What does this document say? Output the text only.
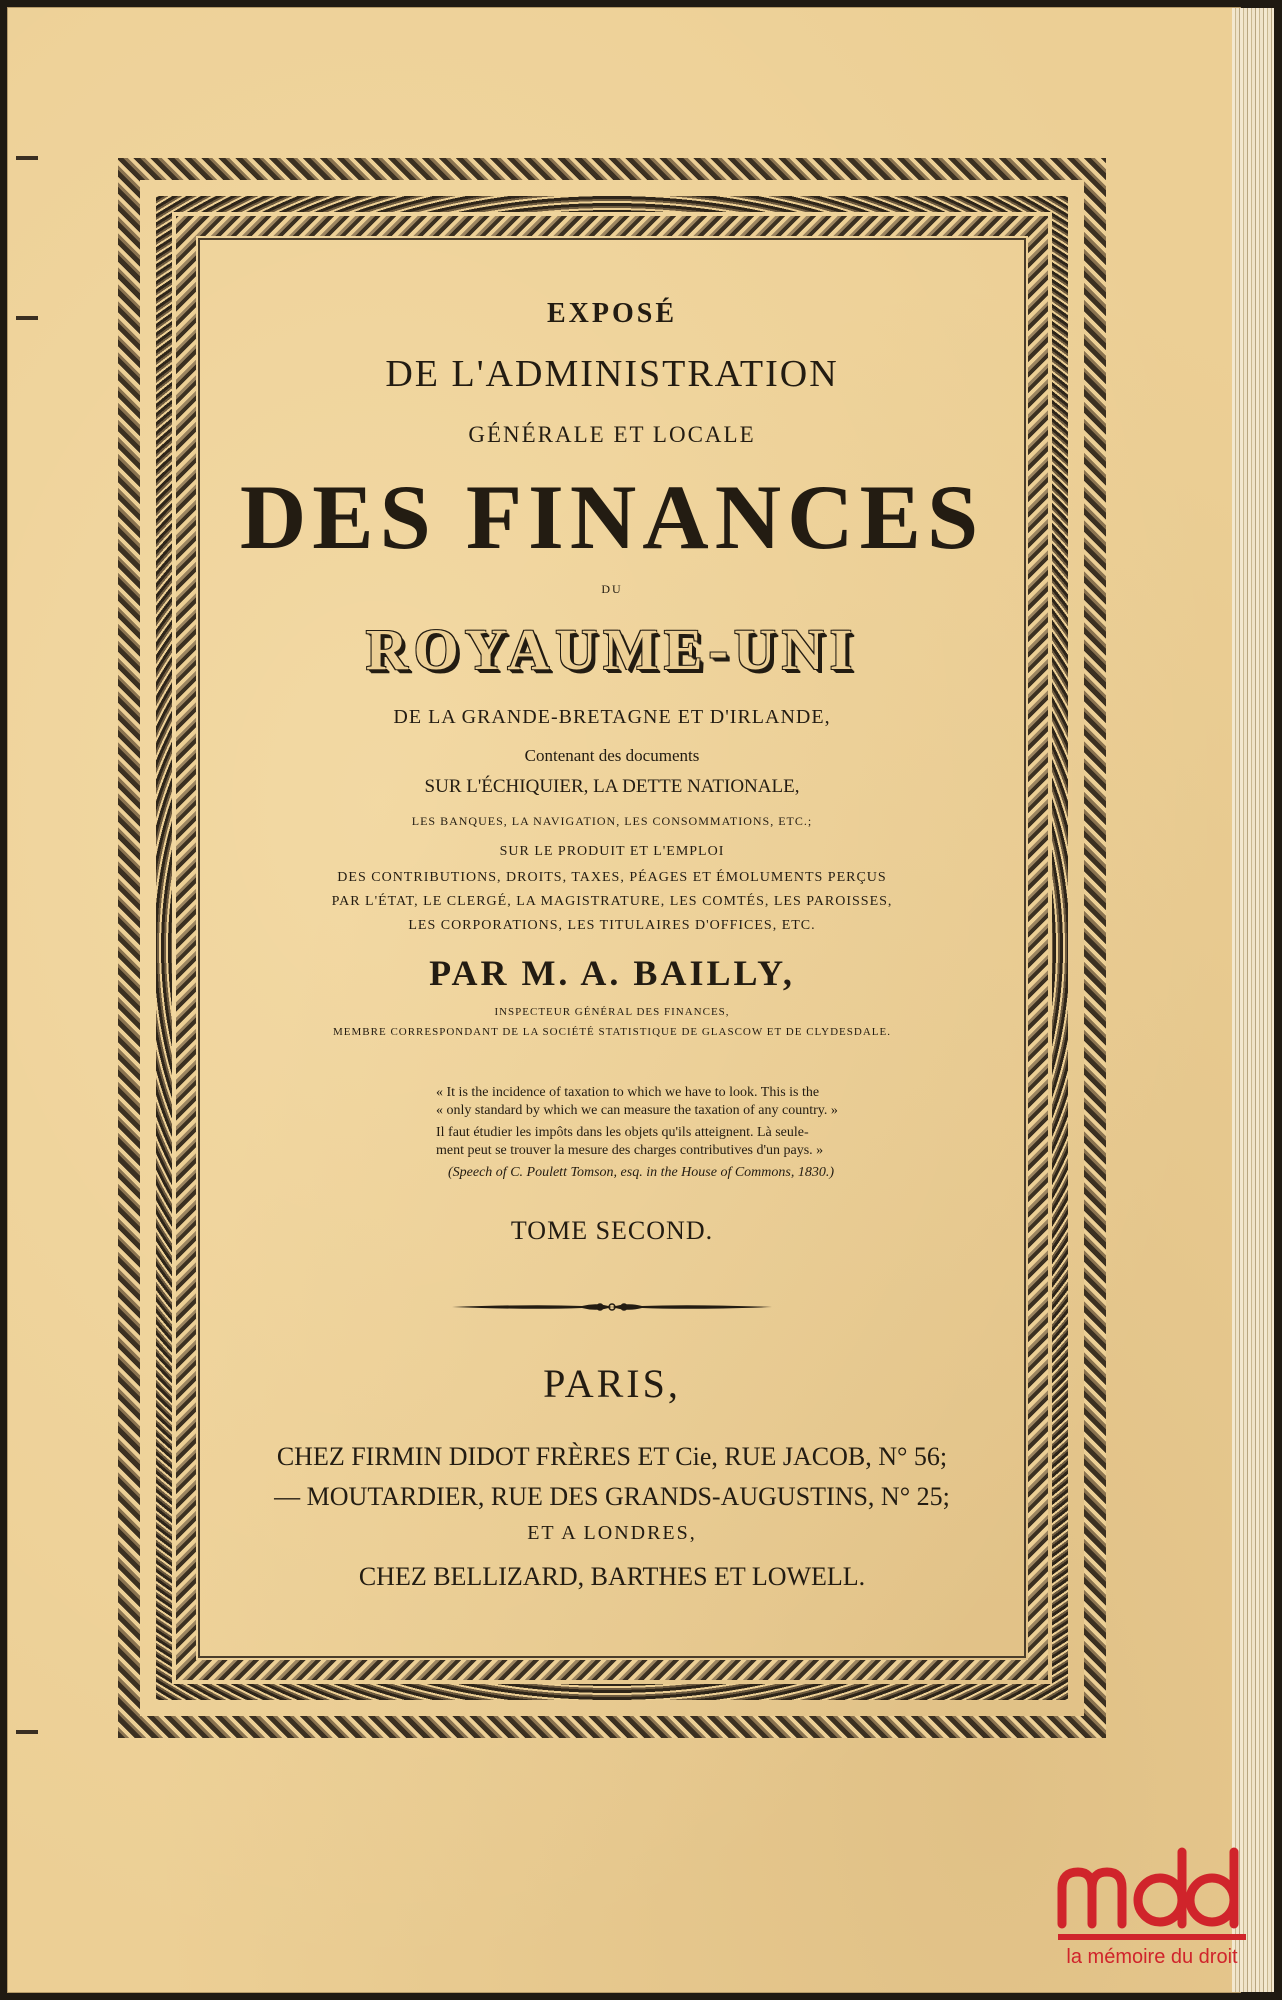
EXPOSÉ
DE L'ADMINISTRATION
GÉNÉRALE ET LOCALE
DES FINANCES
DU
ROYAUME-UNI
DE LA GRANDE-BRETAGNE ET D'IRLANDE,
Contenant des documents
SUR L'ÉCHIQUIER, LA DETTE NATIONALE,
LES BANQUES, LA NAVIGATION, LES CONSOMMATIONS, ETC.;
SUR LE PRODUIT ET L'EMPLOI
DES CONTRIBUTIONS, DROITS, TAXES, PÉAGES ET ÉMOLUMENTS PERÇUS
PAR L'ÉTAT, LE CLERGÉ, LA MAGISTRATURE, LES COMTÉS, LES PAROISSES,
LES CORPORATIONS, LES TITULAIRES D'OFFICES, ETC.
PAR M. A. BAILLY,
INSPECTEUR GÉNÉRAL DES FINANCES,
MEMBRE CORRESPONDANT DE LA SOCIÉTÉ STATISTIQUE DE GLASCOW ET DE CLYDESDALE.
« It is the incidence of taxation to which we have to look. This is the
« only standard by which we can measure the taxation of any country. »
Il faut étudier les impôts dans les objets qu'ils atteignent. Là seule-
ment peut se trouver la mesure des charges contributives d'un pays. »
(Speech of C. Poulett Tomson, esq. in the House of Commons, 1830.)
TOME SECOND.
PARIS,
CHEZ FIRMIN DIDOT FRÈRES ET Cie, RUE JACOB, N° 56;
— MOUTARDIER, RUE DES GRANDS-AUGUSTINS, N° 25;
ET A LONDRES,
CHEZ BELLIZARD, BARTHES ET LOWELL.
la mémoire du droit
